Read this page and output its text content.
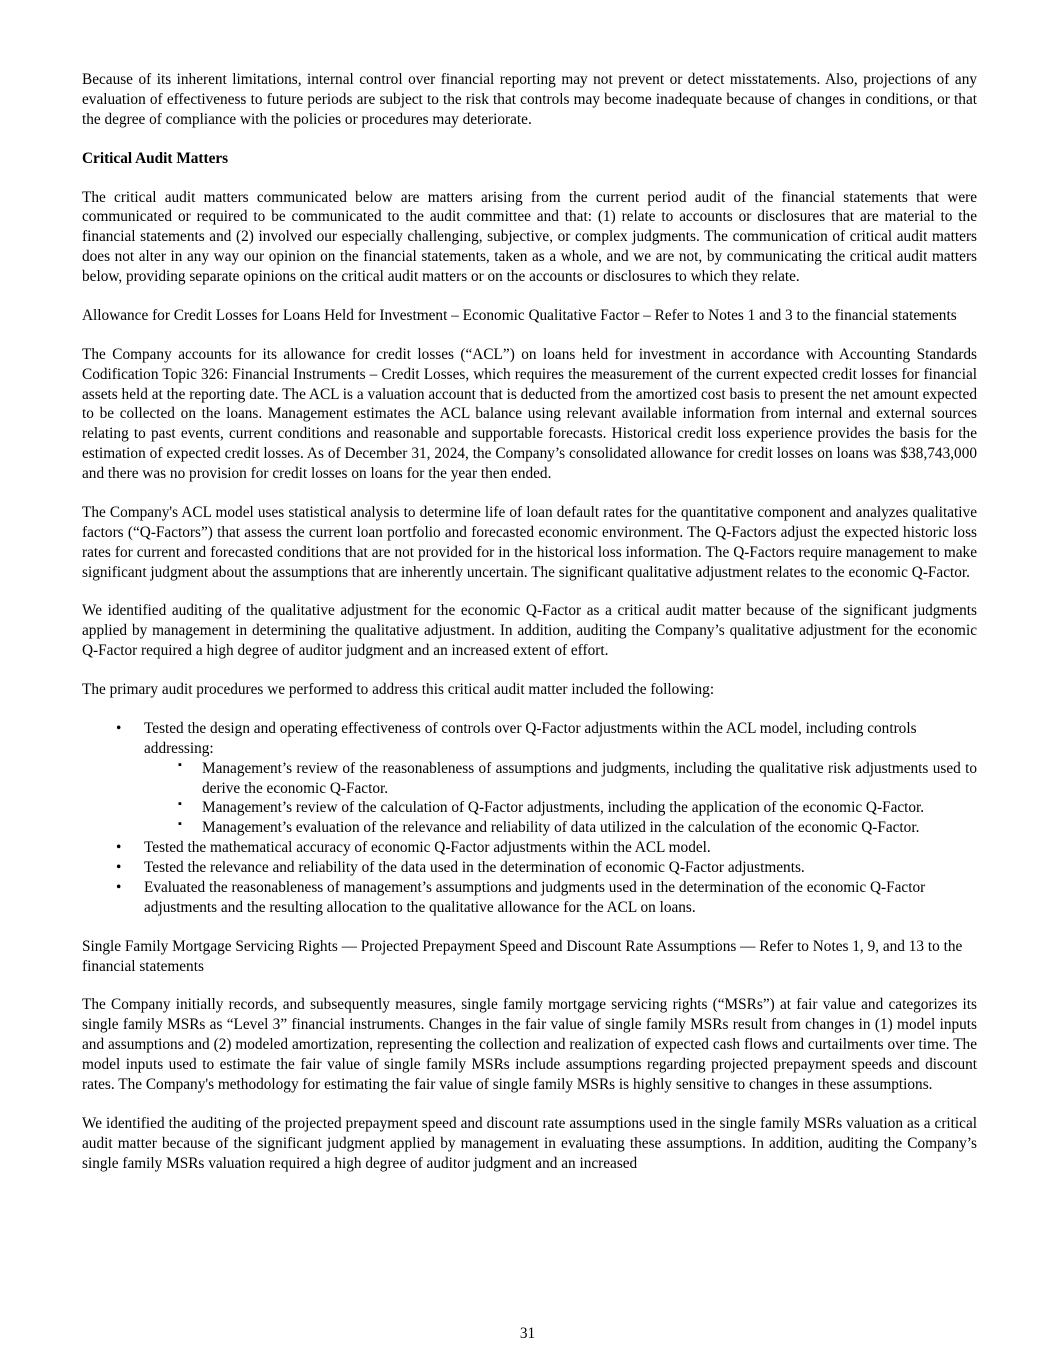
Because of its inherent limitations, internal control over financial reporting may not prevent or detect misstatements. Also, projections of any evaluation of effectiveness to future periods are subject to the risk that controls may become inadequate because of changes in conditions, or that the degree of compliance with the policies or procedures may deteriorate.

Critical Audit Matters

The critical audit matters communicated below are matters arising from the current period audit of the financial statements that were communicated or required to be communicated to the audit committee and that: (1) relate to accounts or disclosures that are material to the financial statements and (2) involved our especially challenging, subjective, or complex judgments. The communication of critical audit matters does not alter in any way our opinion on the financial statements, taken as a whole, and we are not, by communicating the critical audit matters below, providing separate opinions on the critical audit matters or on the accounts or disclosures to which they relate.

Allowance for Credit Losses for Loans Held for Investment – Economic Qualitative Factor – Refer to Notes 1 and 3 to the financial statements

The Company accounts for its allowance for credit losses (“ACL”) on loans held for investment in accordance with Accounting Standards Codification Topic 326: Financial Instruments – Credit Losses, which requires the measurement of the current expected credit losses for financial assets held at the reporting date. The ACL is a valuation account that is deducted from the amortized cost basis to present the net amount expected to be collected on the loans. Management estimates the ACL balance using relevant available information from internal and external sources relating to past events, current conditions and reasonable and supportable forecasts. Historical credit loss experience provides the basis for the estimation of expected credit losses. As of December 31, 2024, the Company’s consolidated allowance for credit losses on loans was $38,743,000 and there was no provision for credit losses on loans for the year then ended.

The Company's ACL model uses statistical analysis to determine life of loan default rates for the quantitative component and analyzes qualitative factors (“Q-Factors”) that assess the current loan portfolio and forecasted economic environment. The Q-Factors adjust the expected historic loss rates for current and forecasted conditions that are not provided for in the historical loss information. The Q-Factors require management to make significant judgment about the assumptions that are inherently uncertain. The significant qualitative adjustment relates to the economic Q-Factor.

We identified auditing of the qualitative adjustment for the economic Q-Factor as a critical audit matter because of the significant judgments applied by management in determining the qualitative adjustment. In addition, auditing the Company’s qualitative adjustment for the economic Q-Factor required a high degree of auditor judgment and an increased extent of effort.

The primary audit procedures we performed to address this critical audit matter included the following:

• Tested the design and operating effectiveness of controls over Q-Factor adjustments within the ACL model, including controls addressing:
▪ Management’s review of the reasonableness of assumptions and judgments, including the qualitative risk adjustments used to derive the economic Q-Factor.
▪ Management’s review of the calculation of Q-Factor adjustments, including the application of the economic Q-Factor.
▪ Management’s evaluation of the relevance and reliability of data utilized in the calculation of the economic Q-Factor.
• Tested the mathematical accuracy of economic Q-Factor adjustments within the ACL model.
• Tested the relevance and reliability of the data used in the determination of economic Q-Factor adjustments.
• Evaluated the reasonableness of management’s assumptions and judgments used in the determination of the economic Q-Factor adjustments and the resulting allocation to the qualitative allowance for the ACL on loans.

Single Family Mortgage Servicing Rights — Projected Prepayment Speed and Discount Rate Assumptions — Refer to Notes 1, 9, and 13 to the financial statements

The Company initially records, and subsequently measures, single family mortgage servicing rights (“MSRs”) at fair value and categorizes its single family MSRs as “Level 3” financial instruments. Changes in the fair value of single family MSRs result from changes in (1) model inputs and assumptions and (2) modeled amortization, representing the collection and realization of expected cash flows and curtailments over time. The model inputs used to estimate the fair value of single family MSRs include assumptions regarding projected prepayment speeds and discount rates. The Company's methodology for estimating the fair value of single family MSRs is highly sensitive to changes in these assumptions.

We identified the auditing of the projected prepayment speed and discount rate assumptions used in the single family MSRs valuation as a critical audit matter because of the significant judgment applied by management in evaluating these assumptions. In addition, auditing the Company’s single family MSRs valuation required a high degree of auditor judgment and an increased

31
